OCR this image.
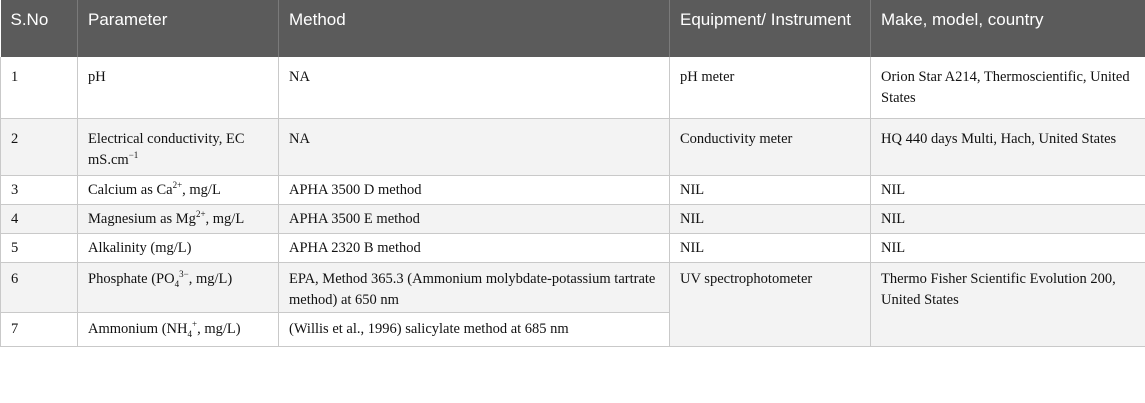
S.No	Parameter	Method	Equipment/ Instrument	Make, model, country
1	pH	NA	pH meter	Orion Star A214, Thermoscientific, United States
2	Electrical conductivity, EC $mS.cm^{-1}$	NA	Conductivity meter	HQ 440 days Multi, Hach, United States
3	Calcium as $Ca^{2+}$, mg/L	APHA 3500 D method	NIL	NIL
4	Magnesium as $Mg^{2+}$, mg/L	APHA 3500 E method	NIL	NIL
5	Alkalinity (mg/L)	APHA 2320 B method	NIL	NIL
6	Phosphate ($PO_4^{3-}$, mg/L)	EPA, Method 365.3 (Ammonium molybdate-potassium tartrate method) at 650 nm	UV spectrophotometer	Thermo Fisher Scientific Evolution 200, United States
7	Ammonium ($NH_4^+$, mg/L)	(Willis et al., 1996) salicylate method at 685 nm		
